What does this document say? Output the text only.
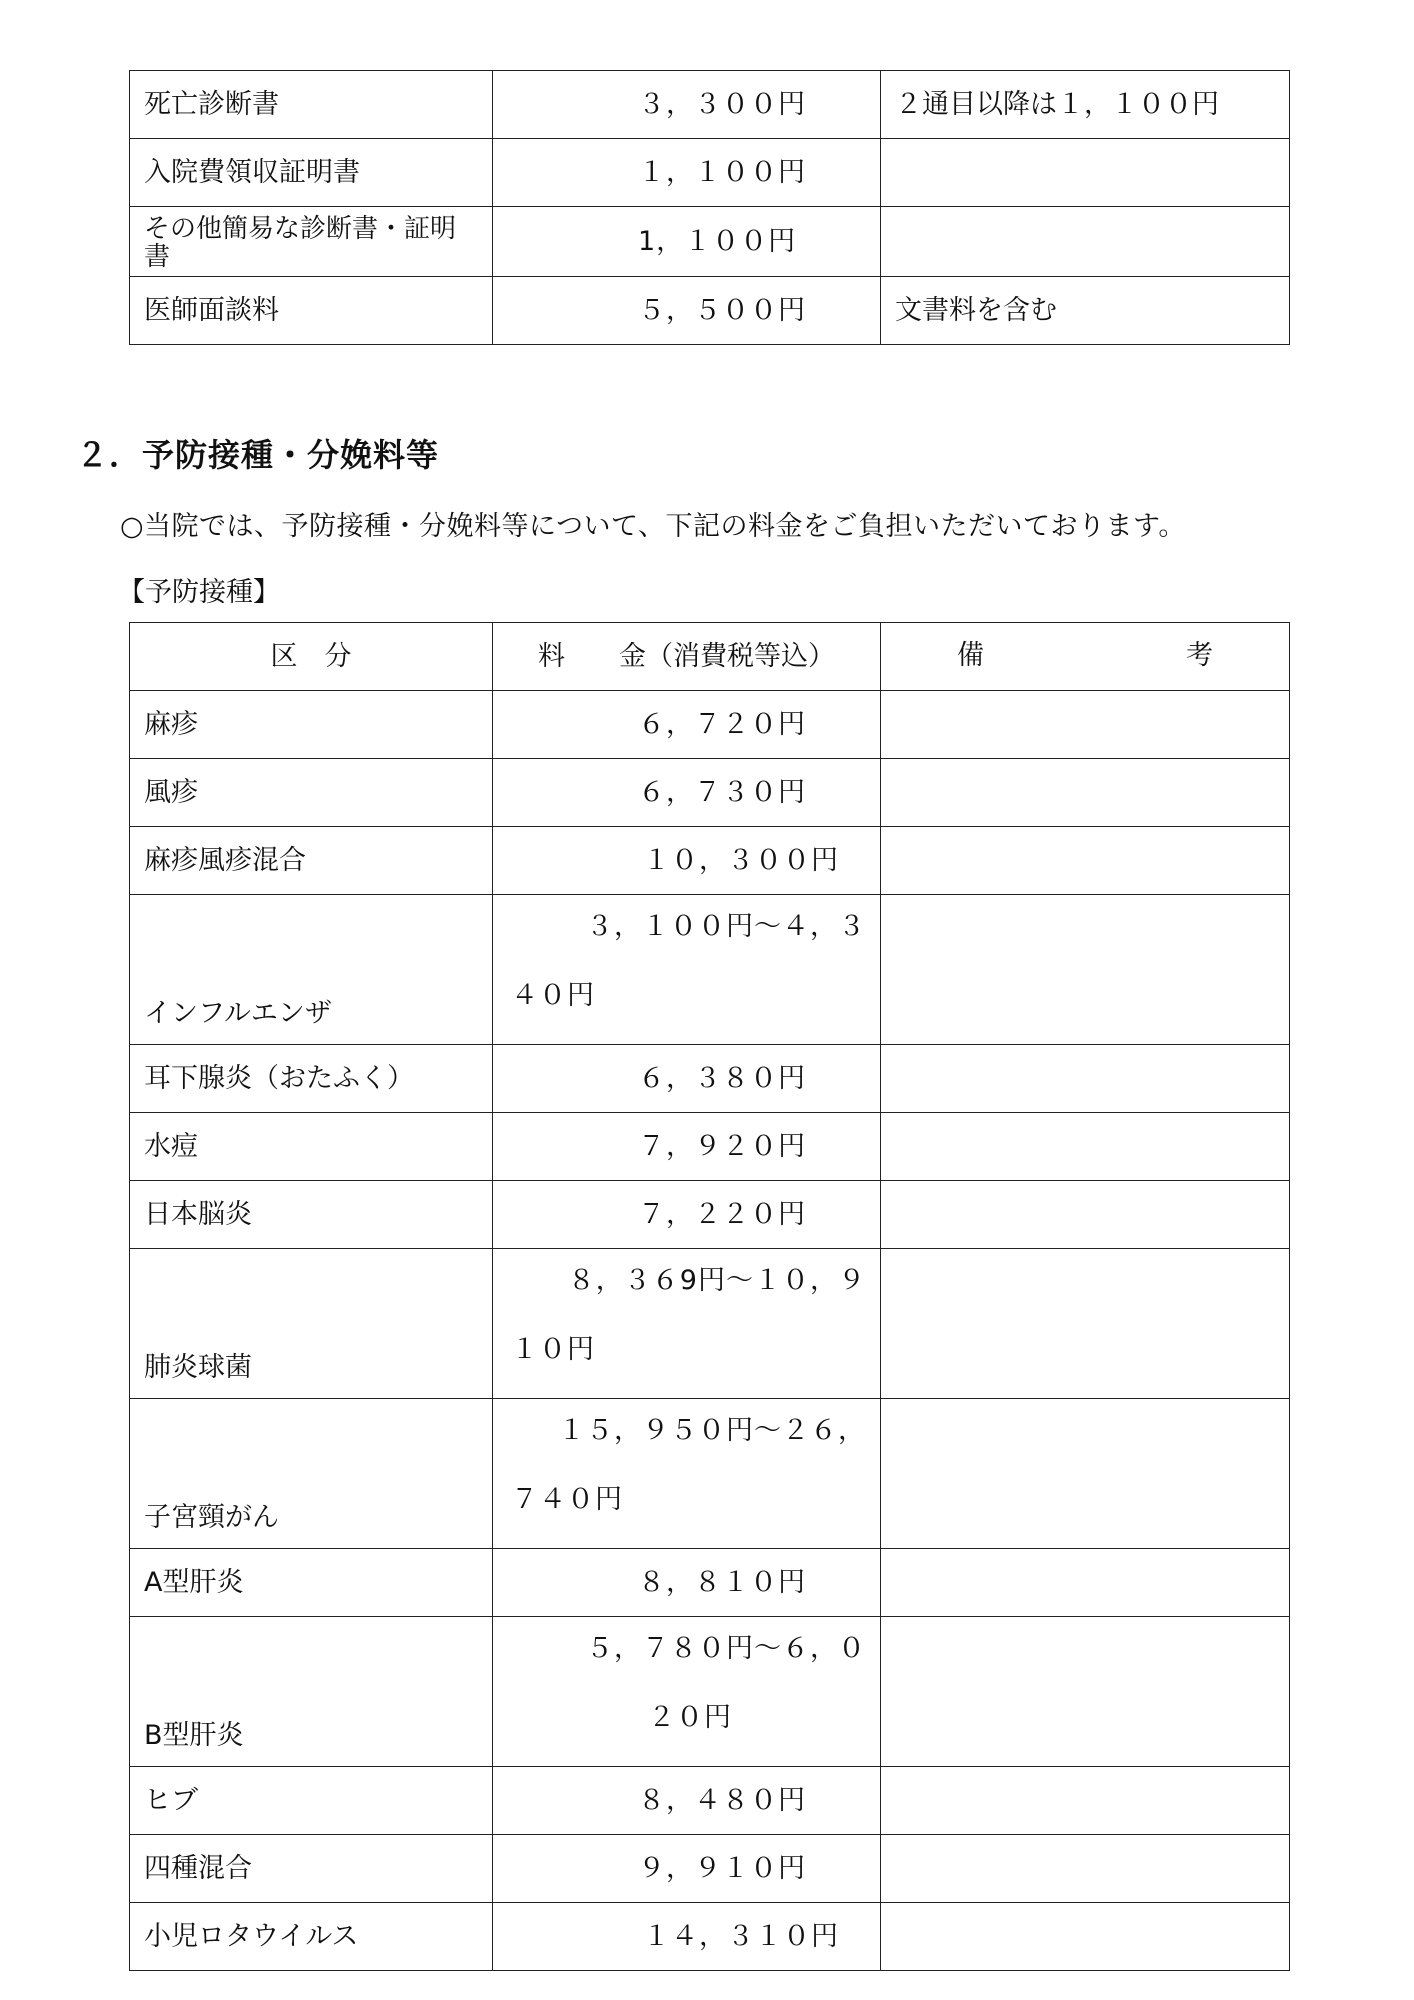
死亡診断書	３，３００円	２通目以降は１，１００円
入院費領収証明書	１，１００円	
その他簡易な診断書・証明書	1，１００円	
医師面談料	５，５００円	文書料を含む
２．予防接種・分娩料等

○当院では、予防接種・分娩料等について、下記の料金をご負担いただいております。

【予防接種】

区　分	料　　金（消費税等込）	備 考

麻疹	６，７２０円	
風疹	６，７３０円	
麻疹風疹混合	１０，３００円	
インフルエンザ	３，１００円～４，３
４０円	

耳下腺炎（おたふく）	６，３８０円	
水痘	７，９２０円	
日本脳炎	７，２２０円	
肺炎球菌	８，３６9円～１０，９
１０円	

子宮頸がん	１５，９５０円～２６，
７４０円	

A型肝炎	８，８１０円	
B型肝炎	５，７８０円～６，０
２０円	

ヒブ	８，４８０円	
四種混合	９，９１０円	
小児ロタウイルス	１４，３１０円	
